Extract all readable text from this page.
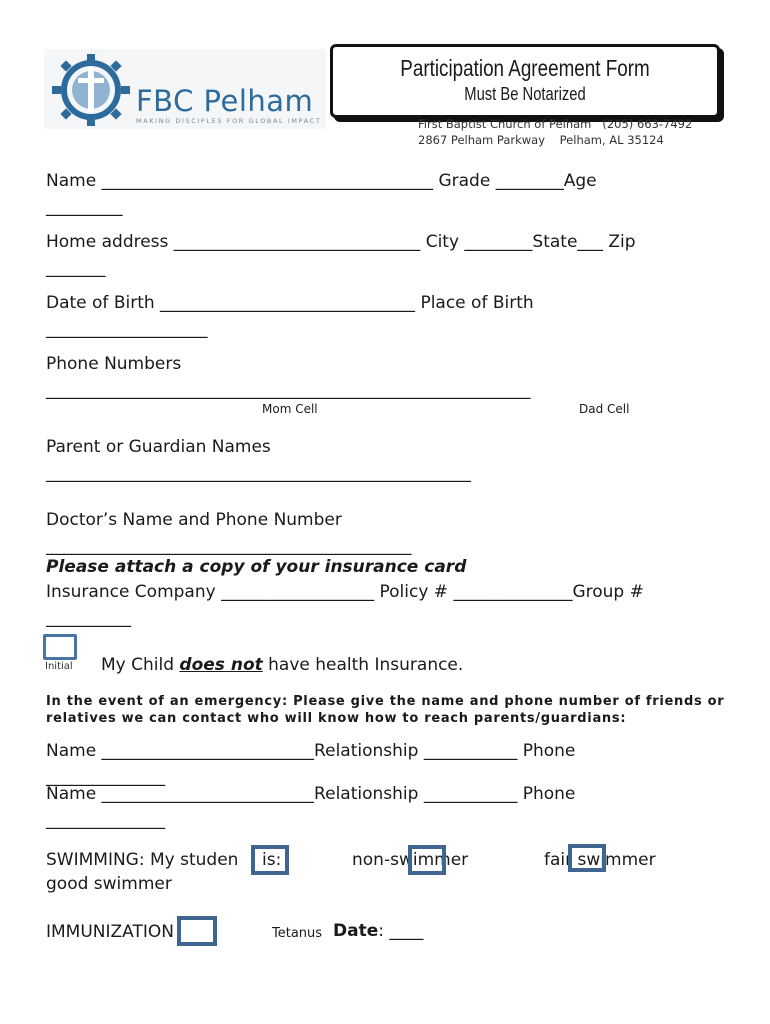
FBC Pelham
MAKING DISCIPLES FOR GLOBAL IMPACT
Participation Agreement Form
Must Be Notarized
First Baptist Church of Pelham (205) 663-7492
2867 Pelham Parkway Pelham, AL 35124
Name _______________________________________ Grade ________Age
_________
Home address _____________________________ City ________State___ Zip
_______
Date of Birth ______________________________ Place of Birth
___________________
Phone Numbers
_________________________________________________________
Mom Cell	Dad Cell
Parent or Guardian Names
__________________________________________________
Doctor’s Name and Phone Number
___________________________________________
Please attach a copy of your insurance card
Insurance Company __________________ Policy # ______________Group #
__________
Initial My Child does not have health Insurance.
In the event of an emergency: Please give the name and phone number of friends or
relatives we can contact who will know how to reach parents/guardians:
Name _________________________Relationship ___________ Phone
______________
Name _________________________Relationship ___________ Phone
______________
SWIMMING: My studen is:	non-swimmer	fair swimmer
good swimmer
IMMUNIZATION	Tetanus Date: ____
